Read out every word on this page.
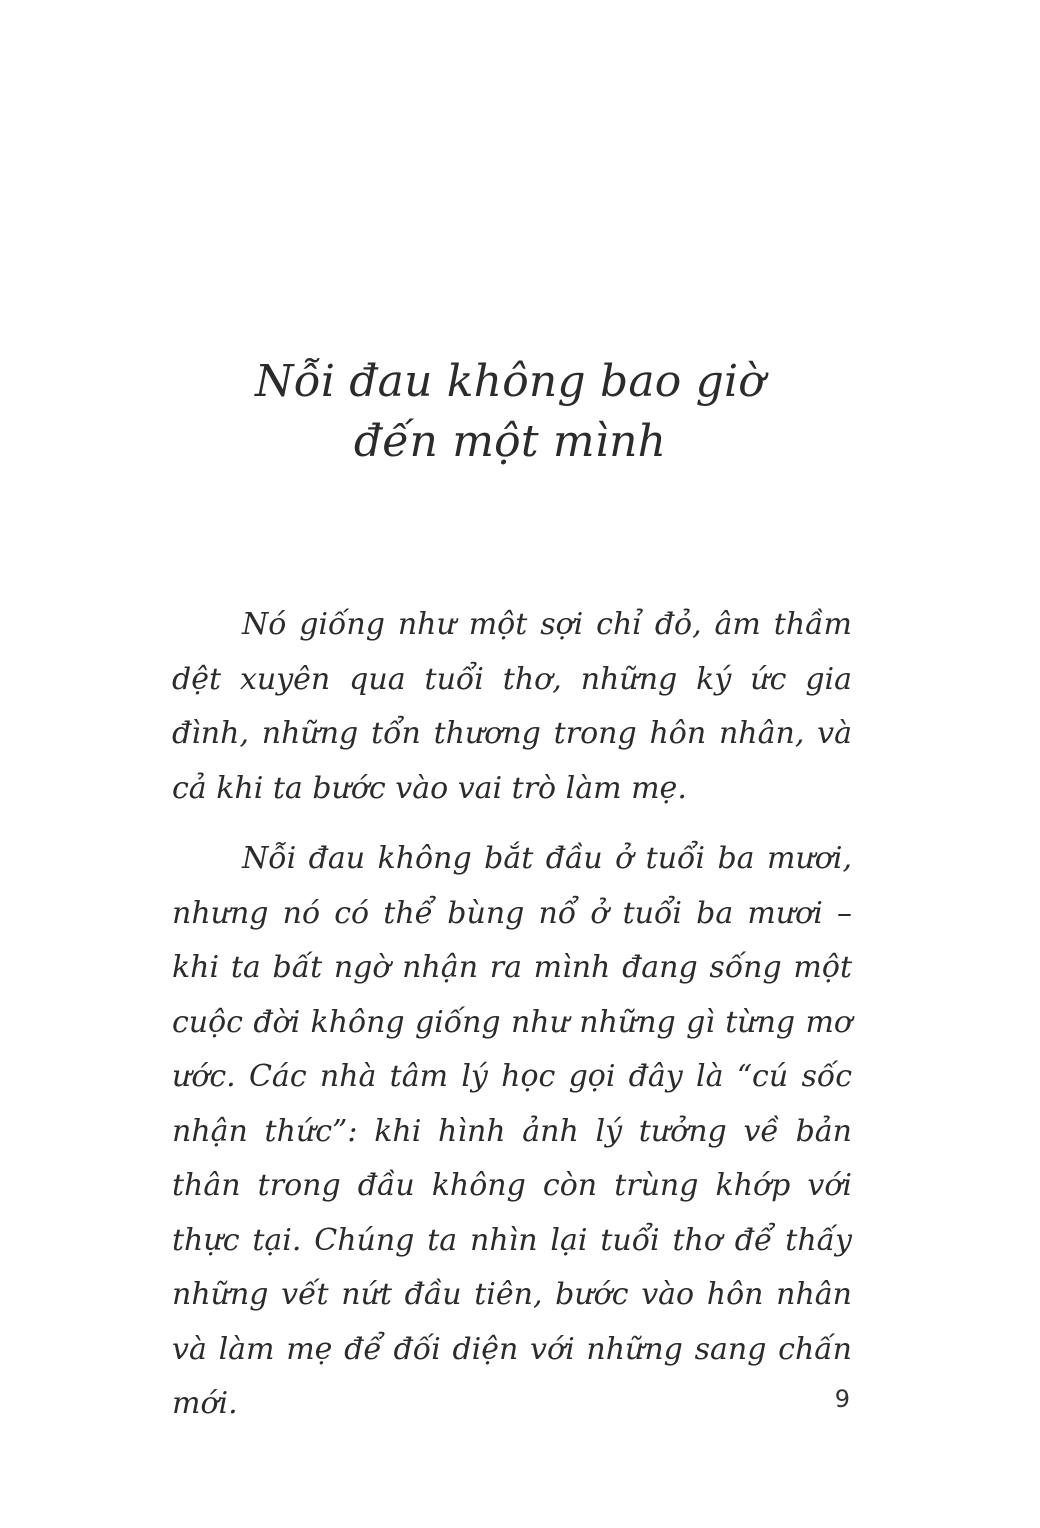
Nỗi đau không bao giờ
đến một mình

Nó giống như một sợi chỉ đỏ, âm thầm dệt xuyên qua tuổi thơ, những ký ức gia đình, những tổn thương trong hôn nhân, và cả khi ta bước vào vai trò làm mẹ.

Nỗi đau không bắt đầu ở tuổi ba mươi, nhưng nó có thể bùng nổ ở tuổi ba mươi – khi ta bất ngờ nhận ra mình đang sống một cuộc đời không giống như những gì từng mơ ước. Các nhà tâm lý học gọi đây là “cú sốc nhận thức”: khi hình ảnh lý tưởng về bản thân trong đầu không còn trùng khớp với thực tại. Chúng ta nhìn lại tuổi thơ để thấy những vết nứt đầu tiên, bước vào hôn nhân và làm mẹ để đối diện với những sang chấn mới.	9
